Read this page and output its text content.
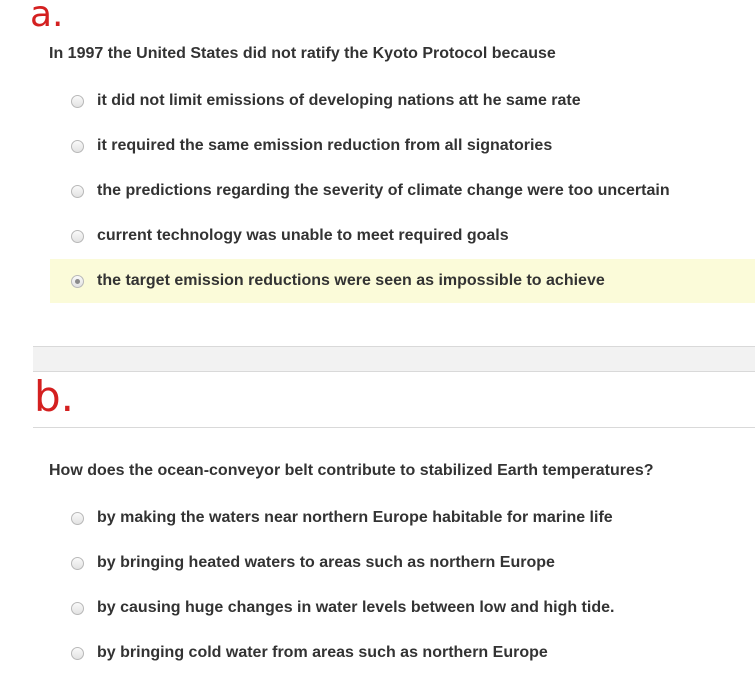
a.
In 1997 the United States did not ratify the Kyoto Protocol because
it did not limit emissions of developing nations att he same rate
it required the same emission reduction from all signatories
the predictions regarding the severity of climate change were too uncertain
current technology was unable to meet required goals
the target emission reductions were seen as impossible to achieve
b.
How does the ocean-conveyor belt contribute to stabilized Earth temperatures?
by making the waters near northern Europe habitable for marine life
by bringing heated waters to areas such as northern Europe
by causing huge changes in water levels between low and high tide.
by bringing cold water from areas such as northern Europe
